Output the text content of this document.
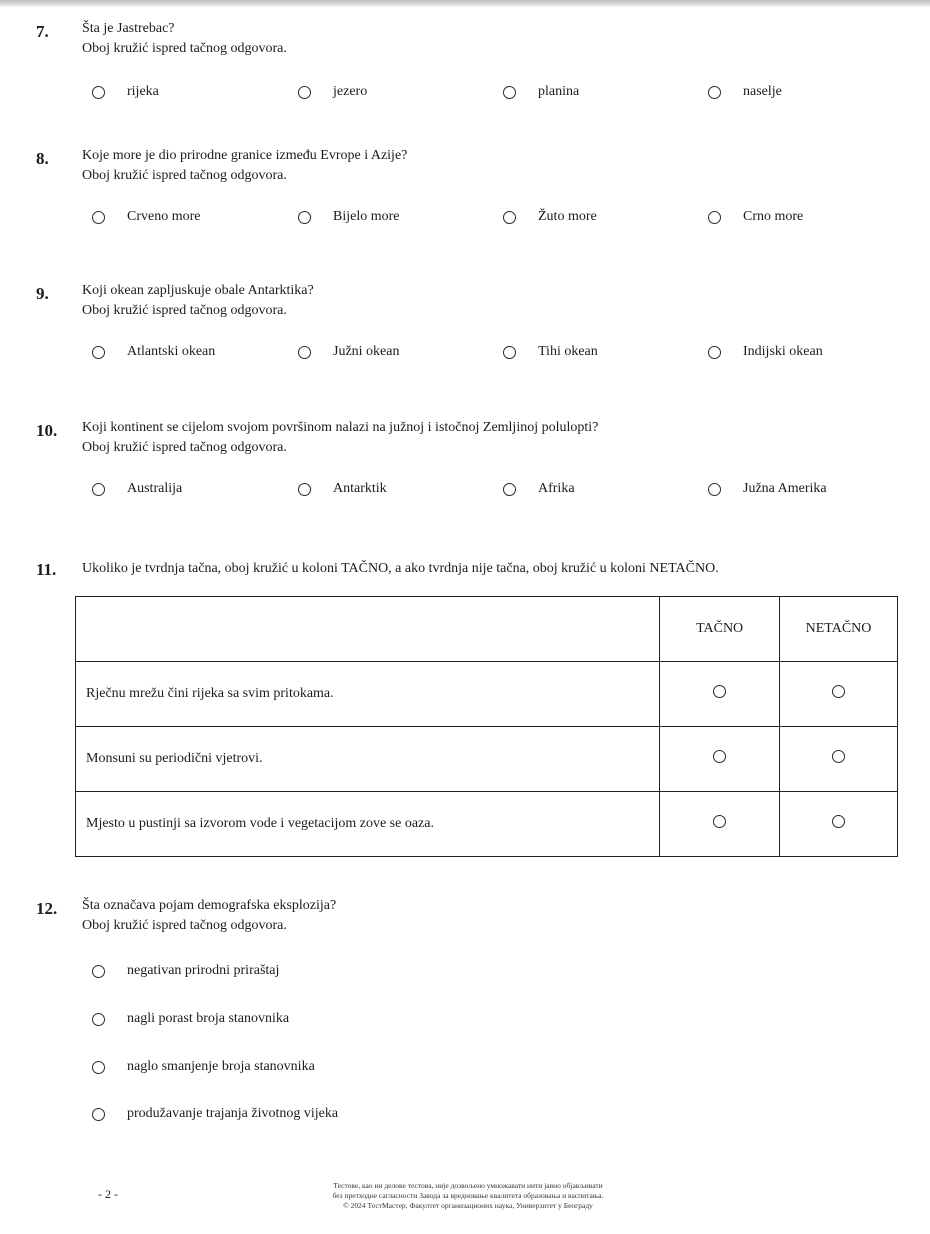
7. Šta je Jastrebac?
Oboj kružić ispred tačnog odgovora.
rijeka	jezero	planina	naselje
8. Koje more je dio prirodne granice između Evrope i Azije?
Oboj kružić ispred tačnog odgovora.
Crveno more	Bijelo more	Žuto more	Crno more
9. Koji okean zapljuskuje obale Antarktika?
Oboj kružić ispred tačnog odgovora.
Atlantski okean	Južni okean	Tihi okean	Indijski okean
10. Koji kontinent se cijelom svojom površinom nalazi na južnoj i istočnoj Zemljinoj polulopti?
Oboj kružić ispred tačnog odgovora.
Australija	Antarktik	Afrika	Južna Amerika
11. Ukoliko je tvrdnja tačna, oboj kružić u koloni TAČNO, a ako tvrdnja nije tačna, oboj kružić u koloni NETAČNO.
	TAČNO	NETAČNO
Rječnu mrežu čini rijeka sa svim pritokama.		
Monsuni su periodični vjetrovi.		
Mjesto u pustinji sa izvorom vode i vegetacijom zove se oaza.		
12. Šta označava pojam demografska eksplozija?
Oboj kružić ispred tačnog odgovora.
negativan prirodni priraštaj
nagli porast broja stanovnika
naglo smanjenje broja stanovnika
produžavanje trajanja životnog vijeka
- 2 -
Тестове, као ни делове тестова, није дозвољено умножавати нити јавно објављивати
без претходне сагласности Завода за вредновање квалитета образовања и васпитања.
© 2024 ТестМастер, Факултет организационих наука, Универзитет у Београду
